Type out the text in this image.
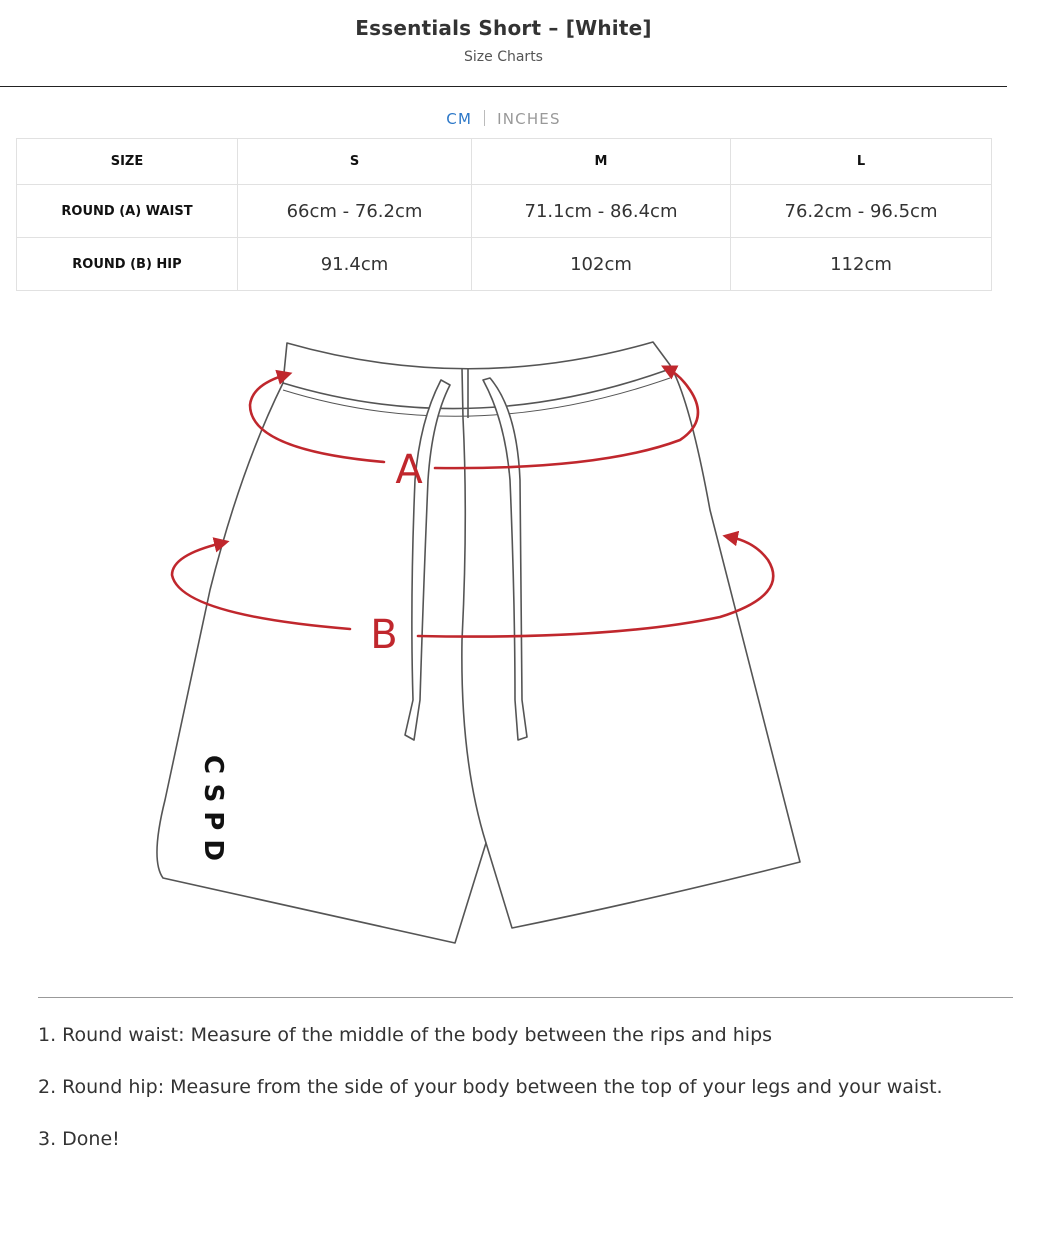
Essentials Short – [White]
Size Charts
CM INCHES
SIZE	S	M	L
ROUND (A) WAIST	66cm - 76.2cm	71.1cm - 86.4cm	76.2cm - 96.5cm
ROUND (B) HIP	91.4cm	102cm	112cm
CSPD
A
B
1. Round waist: Measure of the middle of the body between the rips and hips
2. Round hip: Measure from the side of your body between the top of your legs and your waist.
3. Done!
